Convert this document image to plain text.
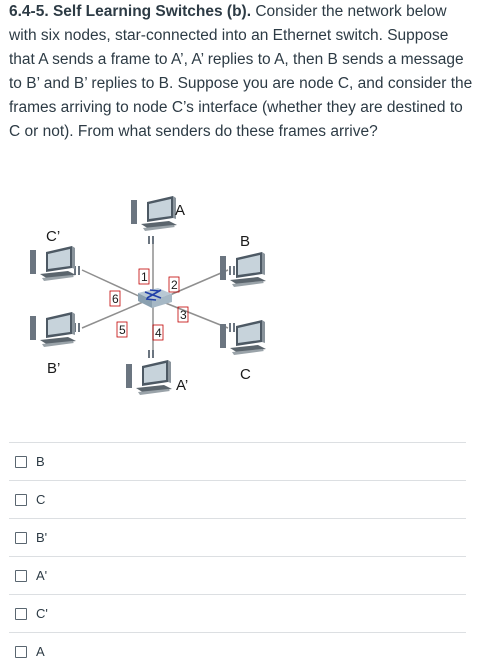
6.4-5. Self Learning Switches (b). Consider the network below with six nodes, star-connected into an Ethernet switch. Suppose that A sends a frame to A’, A’ replies to A, then B sends a message to B’ and B’ replies to B. Suppose you are node C, and consider the frames arriving to node C’s interface (whether they are destined to C or not). From what senders do these frames arrive?

A
C’	B
B’	C
A’
1
2
3
4
5
6
B
C
B'
A'
C'
A
